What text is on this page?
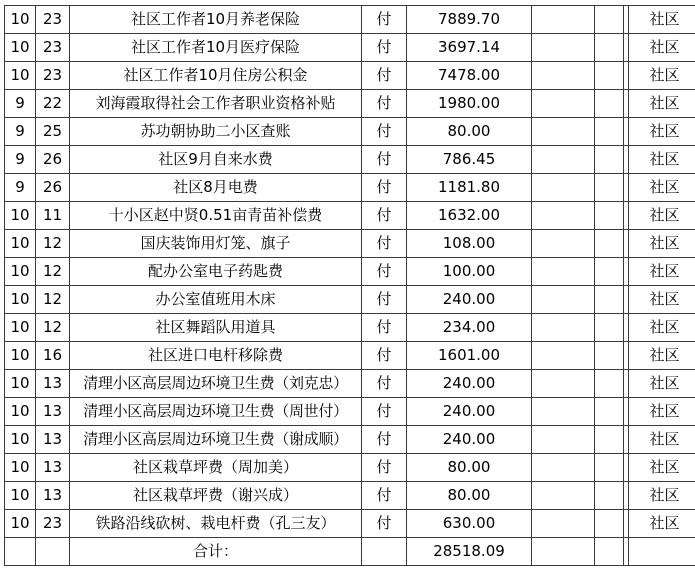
10	23	社区工作者10月养老保险	付	7889.70				社区
10	23	社区工作者10月医疗保险	付	3697.14				社区
10	23	社区工作者10月住房公积金	付	7478.00				社区
9	22	刘海霞取得社会工作者职业资格补贴	付	1980.00				社区
9	25	苏功朝协助二小区查账	付	80.00				社区
9	26	社区9月自来水费	付	786.45				社区
9	26	社区8月电费	付	1181.80				社区
10	11	十小区赵中贤0.51亩青苗补偿费	付	1632.00				社区
10	12	国庆装饰用灯笼、旗子	付	108.00				社区
10	12	配办公室电子药匙费	付	100.00				社区
10	12	办公室值班用木床	付	240.00				社区
10	12	社区舞蹈队用道具	付	234.00				社区
10	16	社区进口电杆移除费	付	1601.00				社区
10	13	清理小区高层周边环境卫生费（刘克忠）	付	240.00				社区
10	13	清理小区高层周边环境卫生费（周世付）	付	240.00				社区
10	13	清理小区高层周边环境卫生费（谢成顺）	付	240.00				社区
10	13	社区栽草坪费（周加美）	付	80.00				社区
10	13	社区栽草坪费（谢兴成）	付	80.00				社区
10	23	铁路沿线砍树、栽电杆费（孔三友）	付	630.00				社区
		合计：		28518.09				
